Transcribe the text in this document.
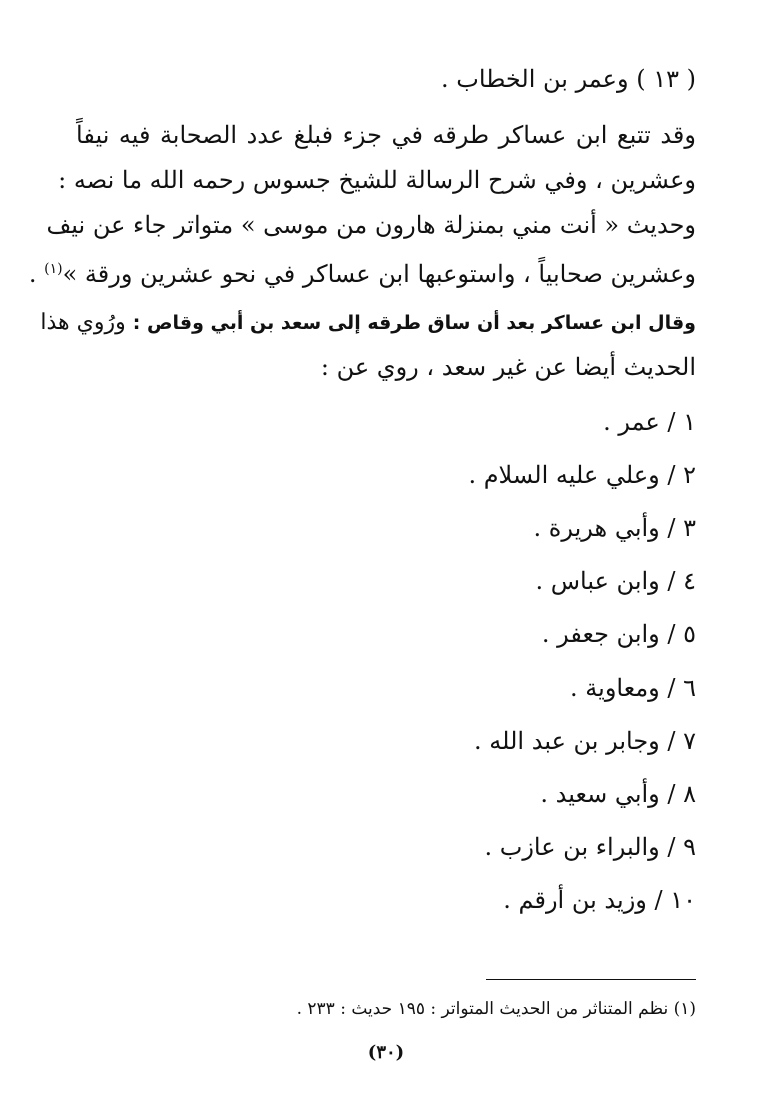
( ١٣ ) وعمر بن الخطاب .
وقد تتبع ابن عساكر طرقه في جزء فبلغ عدد الصحابة فيه نيفاً
وعشرين ، وفي شرح الرسالة للشيخ جسوس رحمه الله ما نصه :
وحديث « أنت مني بمنزلة هارون من موسى » متواتر جاء عن نيف
وعشرين صحابياً ، واستوعبها ابن عساكر في نحو عشرين ورقة »$^{(١)}$ .
وقال ابن عساكر بعد أن ساق طرقه إلى سعد بن أبي وقاص : ورُوي هذا
الحديث أيضا عن غير سعد ، روي عن :
١ / عمر .
٢ / وعلي عليه السلام .
٣ / وأبي هريرة .
٤ / وابن عباس .
٥ / وابن جعفر .
٦ / ومعاوية .
٧ / وجابر بن عبد الله .
٨ / وأبي سعيد .
٩ / والبراء بن عازب .
١٠ / وزيد بن أرقم .
(١) نظم المتناثر من الحديث المتواتر : ١٩٥ حديث : ٢٣٣ .
(٣٠)
